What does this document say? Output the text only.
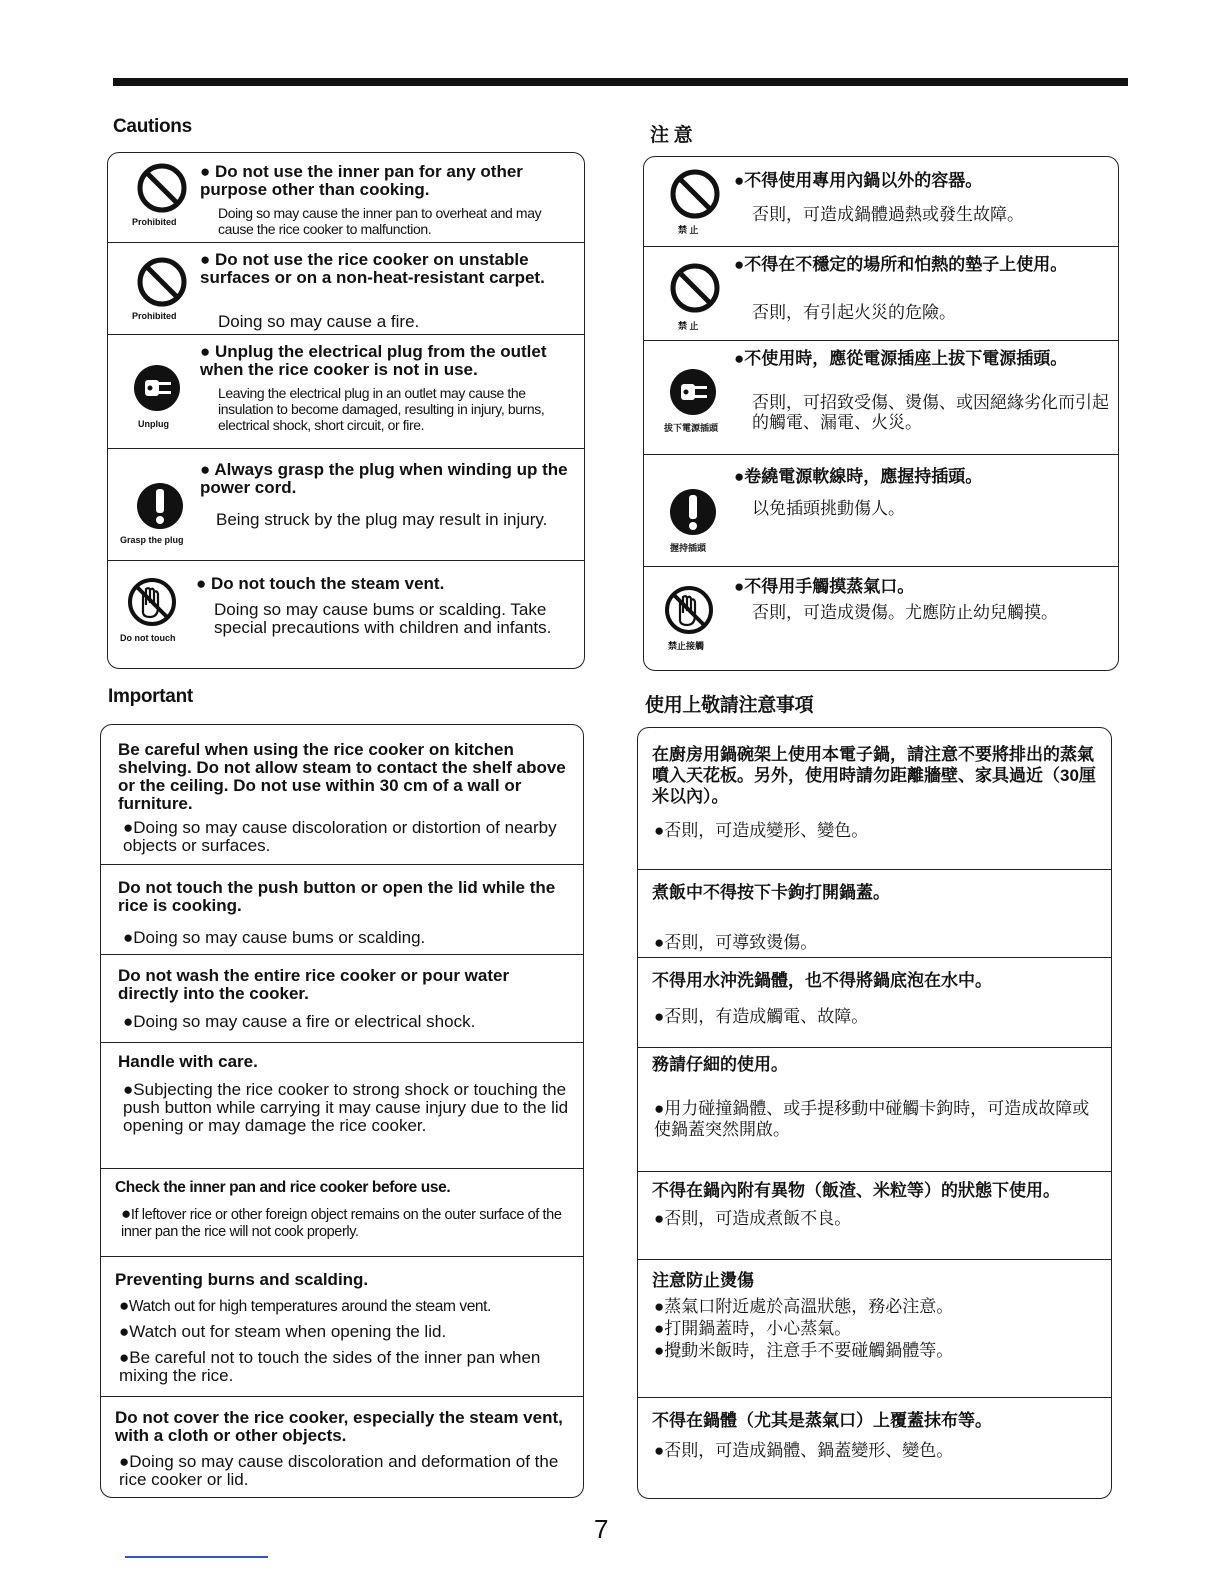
Cautions	注 意
Important	使用上敬請注意事項
Prohibited
● Do not use the inner pan for any other purpose other than cooking.
Doing so may cause the inner pan to overheat and may cause the rice cooker to malfunction.
Prohibited
● Do not use the rice cooker on unstable surfaces or on a non-heat-resistant carpet.
Doing so may cause a fire.
Unplug
● Unplug the electrical plug from the outlet when the rice cooker is not in use.
Leaving the electrical plug in an outlet may cause the insulation to become damaged, resulting in injury, burns, electrical shock, short circuit, or fire.
Grasp the plug
● Always grasp the plug when winding up the power cord.
Being struck by the plug may result in injury.
Do not touch
● Do not touch the steam vent.
Doing so may cause bums or scalding. Take special precautions with children and infants.
禁 止
●不得使用專用內鍋以外的容器。
否則，可造成鍋體過熱或發生故障。
禁 止
●不得在不穩定的場所和怕熱的墊子上使用。
否則，有引起火災的危險。
拔下電源插頭
●不使用時，應從電源插座上拔下電源插頭。
否則，可招致受傷、燙傷、或因絕緣劣化而引起的觸電、漏電、火災。
握持插頭
●卷繞電源軟線時，應握持插頭。
以免插頭挑動傷人。
禁止接觸
●不得用手觸摸蒸氣口。
否則，可造成燙傷。尤應防止幼兒觸摸。
Be careful when using the rice cooker on kitchen shelving. Do not allow steam to contact the shelf above or the ceiling. Do not use within 30 cm of a wall or furniture.
●Doing so may cause discoloration or distortion of nearby objects or surfaces.
Do not touch the push button or open the lid while the rice is cooking.
●Doing so may cause bums or scalding.
Do not wash the entire rice cooker or pour water directly into the cooker.
●Doing so may cause a fire or electrical shock.
Handle with care.
●Subjecting the rice cooker to strong shock or touching the push button while carrying it may cause injury due to the lid opening or may damage the rice cooker.
Check the inner pan and rice cooker before use.
●If leftover rice or other foreign object remains on the outer surface of the inner pan the rice will not cook properly.
Preventing burns and scalding.
●Watch out for high temperatures around the steam vent.
●Watch out for steam when opening the lid.
●Be careful not to touch the sides of the inner pan when mixing the rice.
Do not cover the rice cooker, especially the steam vent, with a cloth or other objects.
●Doing so may cause discoloration and deformation of the rice cooker or lid.
在廚房用鍋碗架上使用本電子鍋，請注意不要將排出的蒸氣噴入天花板。另外，使用時請勿距離牆壁、家具過近（30厘米以內）。
●否則，可造成變形、變色。
煮飯中不得按下卡鉤打開鍋蓋。
●否則，可導致燙傷。
不得用水沖洗鍋體，也不得將鍋底泡在水中。
●否則，有造成觸電、故障。
務請仔細的使用。
●用力碰撞鍋體、或手提移動中碰觸卡鉤時，可造成故障或使鍋蓋突然開啟。
不得在鍋內附有異物（飯渣、米粒等）的狀態下使用。
●否則，可造成煮飯不良。
注意防止燙傷
●蒸氣口附近處於高溫狀態，務必注意。
●打開鍋蓋時，小心蒸氣。
●攪動米飯時，注意手不要碰觸鍋體等。
不得在鍋體（尤其是蒸氣口）上覆蓋抹布等。
●否則，可造成鍋體、鍋蓋變形、變色。
7
